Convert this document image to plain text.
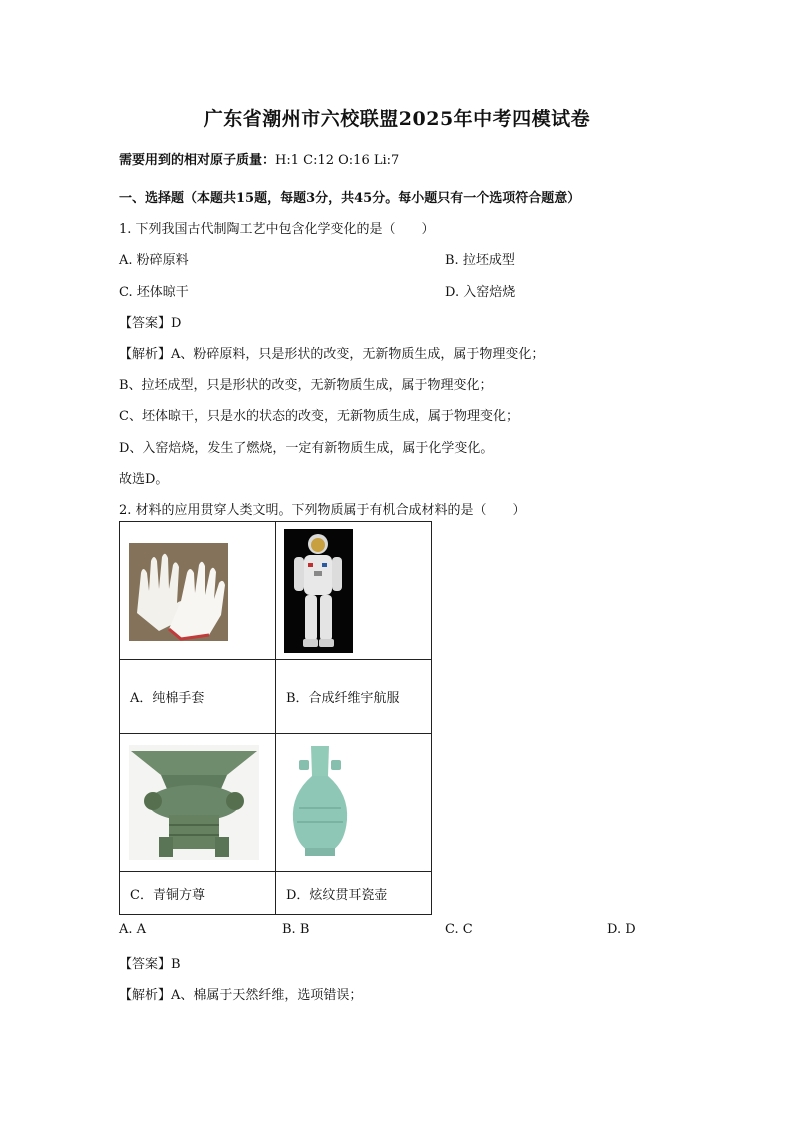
广东省潮州市六校联盟2025年中考四模试卷
需要用到的相对原子质量：H:1 C:12 O:16 Li:7
一、选择题（本题共15题，每题3分，共45分。每小题只有一个选项符合题意）
1. 下列我国古代制陶工艺中包含化学变化的是（　　）
A. 粉碎原料	B. 拉坯成型
C. 坯体晾干	D. 入窑焙烧
【答案】D
【解析】A、粉碎原料，只是形状的改变，无新物质生成，属于物理变化；
B、拉坯成型，只是形状的改变，无新物质生成，属于物理变化；
C、坯体晾干，只是水的状态的改变，无新物质生成，属于物理变化；
D、入窑焙烧，发生了燃烧，一定有新物质生成，属于化学变化。
故选D。
2. 材料的应用贯穿人类文明。下列物质属于有机合成材料的是（　　）

A．纯棉手套	B．合成纤维宇航服

C．青铜方尊	D．炫纹贯耳瓷壶
A. A	B. B	C. C	D. D
【答案】B
【解析】A、棉属于天然纤维，选项错误；
